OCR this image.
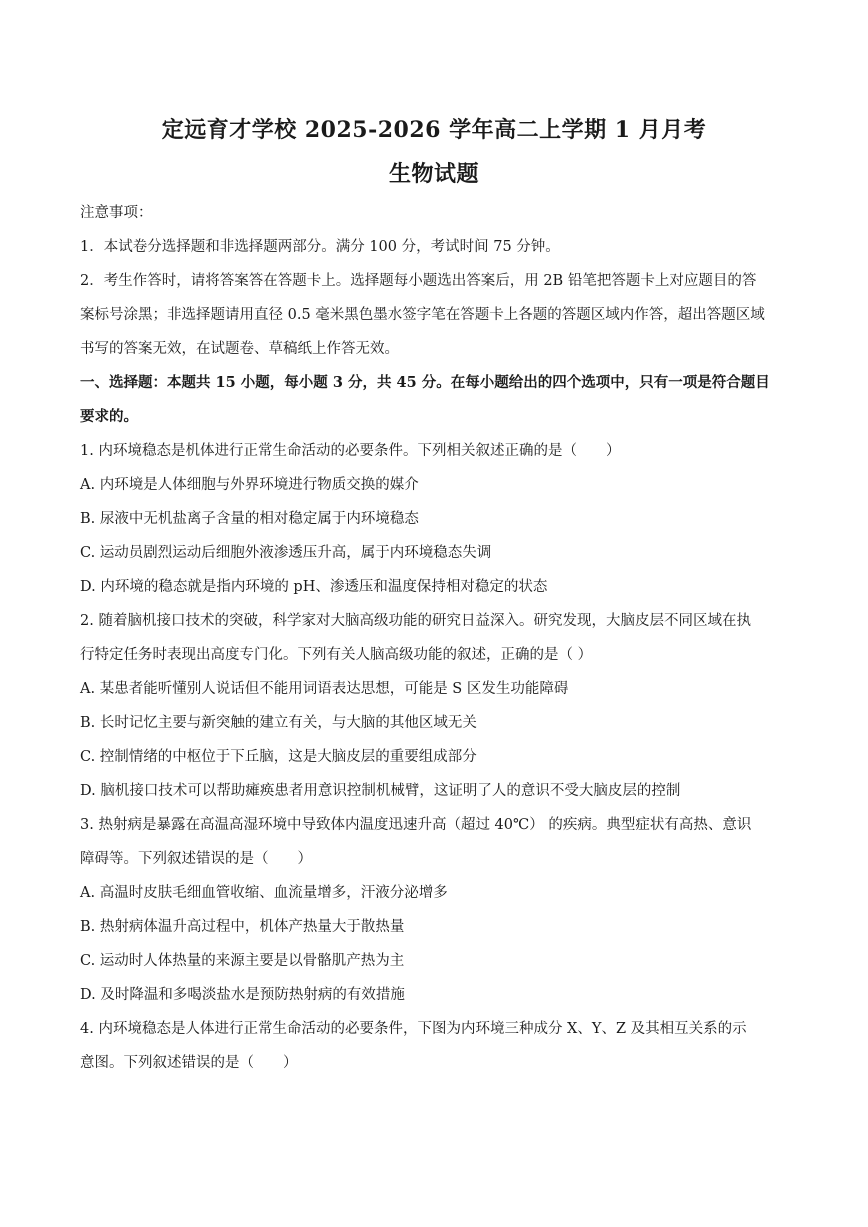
定远育才学校 2025-2026 学年高二上学期 1 月月考
生物试题
注意事项：
1．本试卷分选择题和非选择题两部分。满分 100 分，考试时间 75 分钟。
2．考生作答时，请将答案答在答题卡上。选择题每小题选出答案后，用 2B 铅笔把答题卡上对应题目的答
案标号涂黑；非选择题请用直径 0.5 毫米黑色墨水签字笔在答题卡上各题的答题区域内作答，超出答题区域
书写的答案无效，在试题卷、草稿纸上作答无效。
一、选择题：本题共 15 小题，每小题 3 分，共 45 分。在每小题给出的四个选项中，只有一项是符合题目
要求的。
1. 内环境稳态是机体进行正常生命活动的必要条件。下列相关叙述正确的是（　　）
A. 内环境是人体细胞与外界环境进行物质交换的媒介
B. 尿液中无机盐离子含量的相对稳定属于内环境稳态
C. 运动员剧烈运动后细胞外液渗透压升高，属于内环境稳态失调
D. 内环境的稳态就是指内环境的 pH、渗透压和温度保持相对稳定的状态
2. 随着脑机接口技术的突破，科学家对大脑高级功能的研究日益深入。研究发现，大脑皮层不同区域在执
行特定任务时表现出高度专门化。下列有关人脑高级功能的叙述，正确的是（ ）
A. 某患者能听懂别人说话但不能用词语表达思想，可能是 S 区发生功能障碍
B. 长时记忆主要与新突触的建立有关，与大脑的其他区域无关
C. 控制情绪的中枢位于下丘脑，这是大脑皮层的重要组成部分
D. 脑机接口技术可以帮助瘫痪患者用意识控制机械臂，这证明了人的意识不受大脑皮层的控制
3. 热射病是暴露在高温高湿环境中导致体内温度迅速升高（超过 40℃） 的疾病。典型症状有高热、意识
障碍等。下列叙述错误的是（　　）
A. 高温时皮肤毛细血管收缩、血流量增多，汗液分泌增多
B. 热射病体温升高过程中，机体产热量大于散热量
C. 运动时人体热量的来源主要是以骨骼肌产热为主
D. 及时降温和多喝淡盐水是预防热射病的有效措施
4. 内环境稳态是人体进行正常生命活动的必要条件，下图为内环境三种成分 X、Y、Z 及其相互关系的示
意图。下列叙述错误的是（　　）
